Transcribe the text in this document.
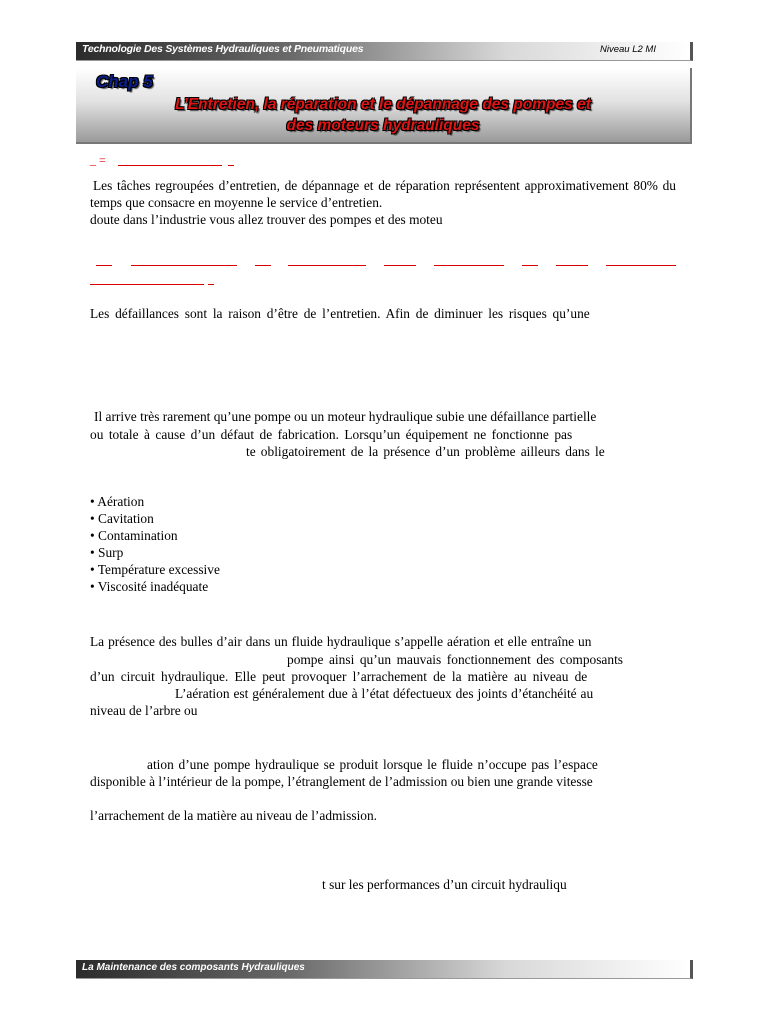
Technologie Des Systèmes Hydrauliques et Pneumatiques	Niveau L2 MI
Chap 5
L’Entretien, la réparation et le dépannage des pompes et
des moteurs hydrauliques
_ =

Les tâches regroupées d’entretien, de dépannage et de réparation représentent approximativement 80% du temps que consacre en moyenne le service d’entretien.

doute dans l’industrie vous allez trouver des pompes et des moteu
Les défaillances sont la raison d’être de l’entretien. Afin de diminuer les risques qu’une
Il arrive très rarement qu’une pompe ou un moteur hydraulique subie une défaillance partielle
ou totale à cause d’un défaut de fabrication. Lorsqu’un équipement ne fonctionne pas
te obligatoirement de la présence d’un problème ailleurs dans le
• Aération
• Cavitation
• Contamination
• Surp
• Température excessive
• Viscosité inadéquate
La présence des bulles d’air dans un fluide hydraulique s’appelle aération et elle entraîne un
pompe ainsi qu’un mauvais fonctionnement des composants
d’un circuit hydraulique. Elle peut provoquer l’arrachement de la matière au niveau de
L’aération est généralement due à l’état défectueux des joints d’étanchéité au
niveau de l’arbre ou
ation d’une pompe hydraulique se produit lorsque le fluide n’occupe pas l’espace
disponible à l’intérieur de la pompe, l’étranglement de l’admission ou bien une grande vitesse
l’arrachement de la matière au niveau de l’admission.
t sur les performances d’un circuit hydrauliqu
La Maintenance des composants Hydrauliques
